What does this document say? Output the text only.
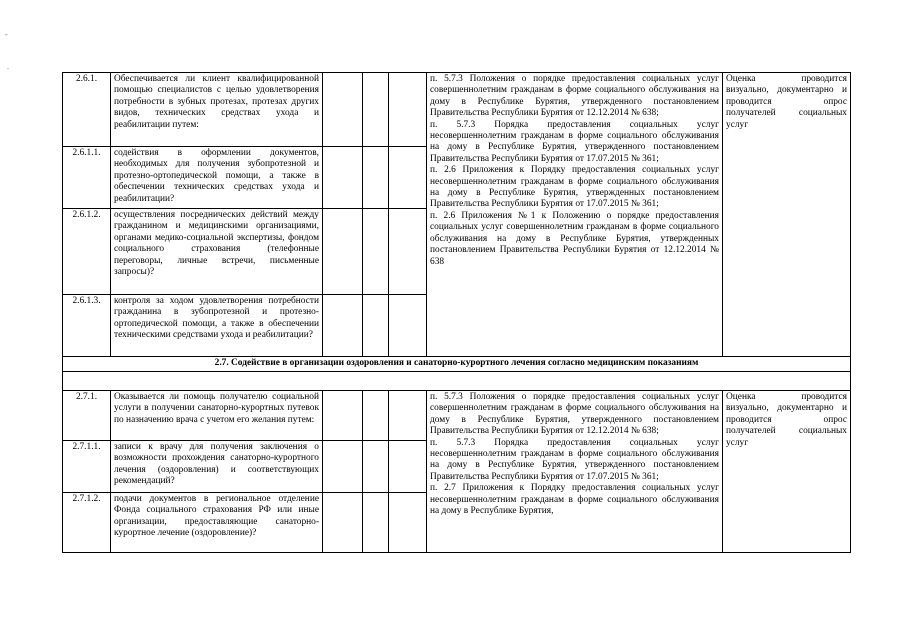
-
.
2.6.1.	Обеспечивается ли клиент квалифицированной помощью специалистов с целью удовлетворения потребности в зубных протезах, протезах других видов, технических средствах ухода и реабилитации путем:					п. 5.7.3 Положения о порядке предоставления социальных услуг совершеннолетним гражданам в форме социального обслуживания на дому в Республике Бурятия, утвержденного постановлением Правительства Республики Бурятия от 12.12.2014 № 638;
п. 5.7.3 Порядка предоставления социальных услуг несовершеннолетним гражданам в форме социального обслуживания на дому в Республике Бурятия, утвержденного постановлением Правительства Республики Бурятия от 17.07.2015 № 361;
п. 2.6 Приложения к Порядку предоставления социальных услуг несовершеннолетним гражданам в форме социального обслуживания на дому в Республике Бурятия, утвержденных постановлением Правительства Республики Бурятия от 17.07.2015 № 361;
п. 2.6 Приложения №1 к Положению о порядке предоставления социальных услуг совершеннолетним гражданам в форме социального обслуживания на дому в Республике Бурятия, утвержденных постановлением Правительства Республики Бурятия от 12.12.2014 № 638	Оценка проводится визуально, документарно и проводится опрос получателей социальных услуг
2.6.1.1.	содействия в оформлении документов, необходимых для получения зубопротезной и протезно-ортопедической помощи, а также в обеспечении технических средствах ухода и реабилитации?					
2.6.1.2.	осуществления посреднических действий между гражданином и медицинскими организациями, органами медико-социальной экспертизы, фондом социального страхования (телефонные переговоры, личные встречи, письменные запросы)?					
2.6.1.3.	контроля за ходом удовлетворения потребности гражданина в зубопротезной и протезно-ортопедической помощи, а также в обеспечении техническими средствами ухода и реабилитации?					
2.7. Содействие в организации оздоровления и санаторно-курортного лечения согласно медицинским показаниям						

2.7.1.	Оказывается ли помощь получателю социальной услуги в получении санаторно-курортных путевок по назначению врача с учетом его желания путем:					п. 5.7.3 Положения о порядке предоставления социальных услуг совершеннолетним гражданам в форме социального обслуживания на дому в Республике Бурятия, утвержденного постановлением Правительства Республики Бурятия от 12.12.2014 № 638;
п. 5.7.3 Порядка предоставления социальных услуг несовершеннолетним гражданам в форме социального обслуживания на дому в Республике Бурятия, утвержденного постановлением Правительства Республики Бурятия от 17.07.2015 № 361;
п. 2.7 Приложения к Порядку предоставления социальных услуг несовершеннолетним гражданам в форме социального обслуживания на дому в Республике Бурятия,	Оценка проводится визуально, документарно и проводится опрос получателей социальных услуг
2.7.1.1.	записи к врачу для получения заключения о возможности прохождения санаторно-курортного лечения (оздоровления) и соответствующих рекомендаций?					
2.7.1.2.	подачи документов в региональное отделение Фонда социального страхования РФ или иные организации, предоставляющие санаторно-курортное лечение (оздоровление)?					
